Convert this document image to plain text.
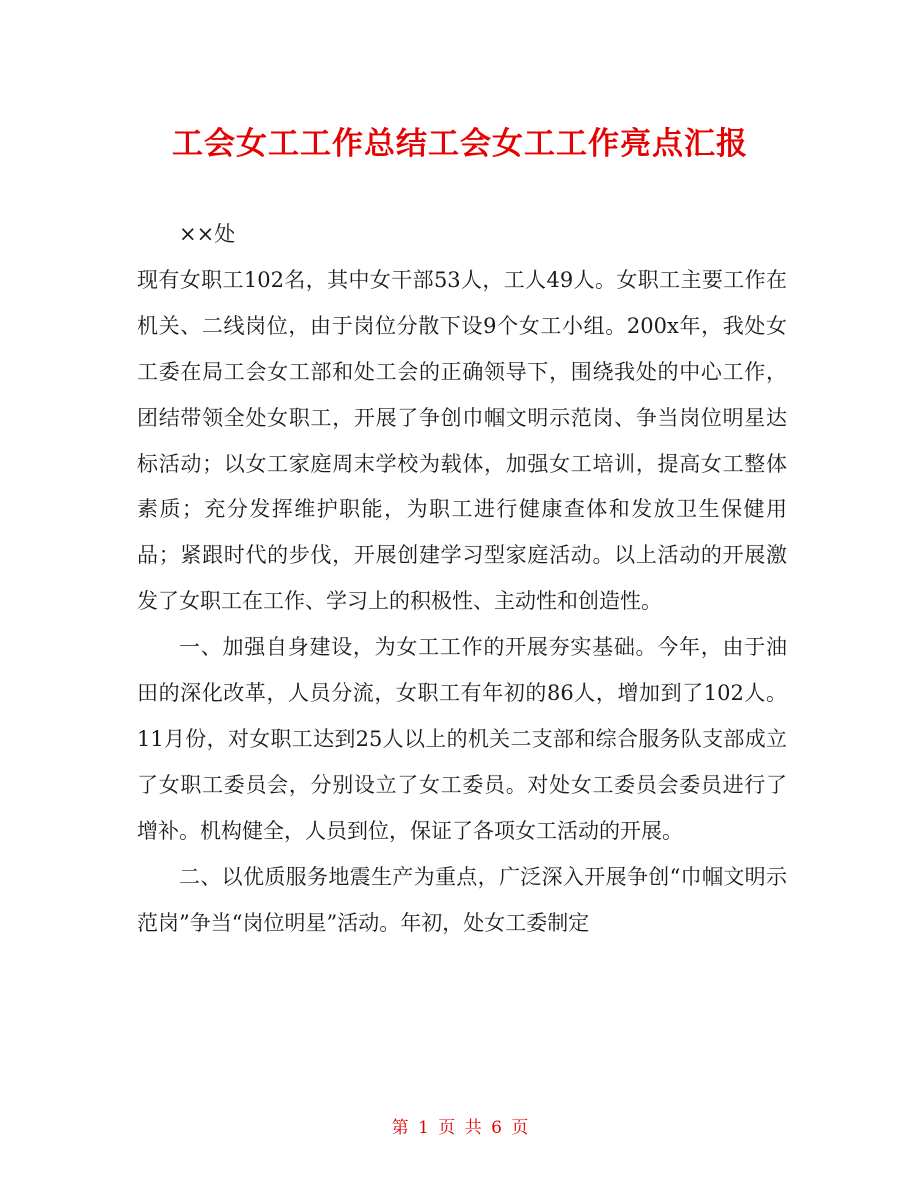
工会女工工作总结工会女工工作亮点汇报

××处

现有女职工102名，其中女干部53人，工人49人。女职工主要工作在机关、二线岗位，由于岗位分散下设9个女工小组。200x年，我处女工委在局工会女工部和处工会的正确领导下，围绕我处的中心工作，团结带领全处女职工，开展了争创巾帼文明示范岗、争当岗位明星达标活动；以女工家庭周末学校为载体，加强女工培训，提高女工整体素质；充分发挥维护职能，为职工进行健康查体和发放卫生保健用品；紧跟时代的步伐，开展创建学习型家庭活动。以上活动的开展激发了女职工在工作、学习上的积极性、主动性和创造性。

一、加强自身建设，为女工工作的开展夯实基础。今年，由于油田的深化改革，人员分流，女职工有年初的86人，增加到了102人。11月份，对女职工达到25人以上的机关二支部和综合服务队支部成立了女职工委员会，分别设立了女工委员。对处女工委员会委员进行了增补。机构健全，人员到位，保证了各项女工活动的开展。

二、以优质服务地震生产为重点，广泛深入开展争创“巾帼文明示范岗”争当“岗位明星”活动。年初，处女工委制定

第 1 页 共 6 页
